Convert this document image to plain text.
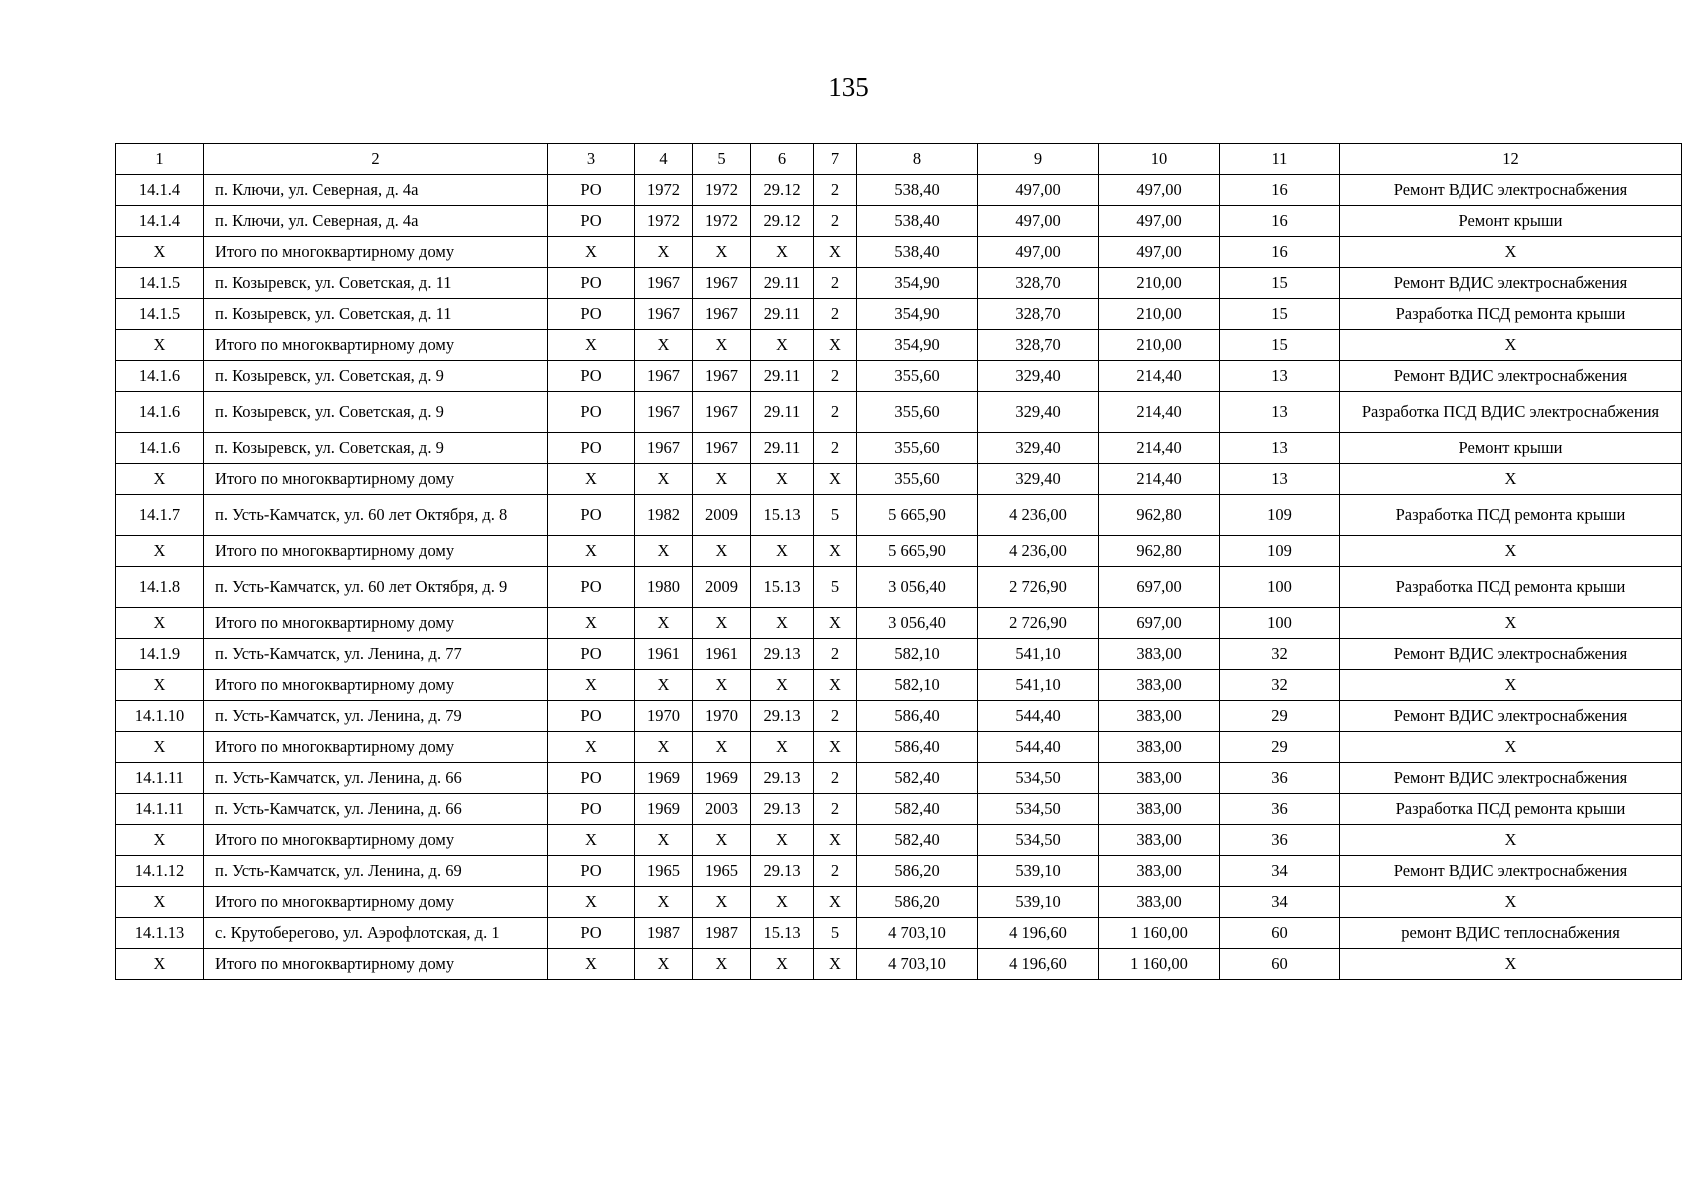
135
1	2	3	4	5	6	7	8	9	10	11	12
14.1.4	п. Ключи, ул. Северная, д. 4а	РО	1972	1972	29.12	2	538,40	497,00	497,00	16	Ремонт ВДИС электроснабжения
14.1.4	п. Ключи, ул. Северная, д. 4а	РО	1972	1972	29.12	2	538,40	497,00	497,00	16	Ремонт крыши
Х	Итого по многоквартирному дому	Х	Х	Х	Х	Х	538,40	497,00	497,00	16	Х
14.1.5	п. Козыревск, ул. Советская, д. 11	РО	1967	1967	29.11	2	354,90	328,70	210,00	15	Ремонт ВДИС электроснабжения
14.1.5	п. Козыревск, ул. Советская, д. 11	РО	1967	1967	29.11	2	354,90	328,70	210,00	15	Разработка ПСД ремонта крыши
Х	Итого по многоквартирному дому	Х	Х	Х	Х	Х	354,90	328,70	210,00	15	Х
14.1.6	п. Козыревск, ул. Советская, д. 9	РО	1967	1967	29.11	2	355,60	329,40	214,40	13	Ремонт ВДИС электроснабжения
14.1.6	п. Козыревск, ул. Советская, д. 9	РО	1967	1967	29.11	2	355,60	329,40	214,40	13	Разработка ПСД ВДИС электроснабжения
14.1.6	п. Козыревск, ул. Советская, д. 9	РО	1967	1967	29.11	2	355,60	329,40	214,40	13	Ремонт крыши
Х	Итого по многоквартирному дому	Х	Х	Х	Х	Х	355,60	329,40	214,40	13	Х
14.1.7	п. Усть-Камчатск, ул. 60 лет Октября, д. 8	РО	1982	2009	15.13	5	5 665,90	4 236,00	962,80	109	Разработка ПСД ремонта крыши
Х	Итого по многоквартирному дому	Х	Х	Х	Х	Х	5 665,90	4 236,00	962,80	109	Х
14.1.8	п. Усть-Камчатск, ул. 60 лет Октября, д. 9	РО	1980	2009	15.13	5	3 056,40	2 726,90	697,00	100	Разработка ПСД ремонта крыши
Х	Итого по многоквартирному дому	Х	Х	Х	Х	Х	3 056,40	2 726,90	697,00	100	Х
14.1.9	п. Усть-Камчатск, ул. Ленина, д. 77	РО	1961	1961	29.13	2	582,10	541,10	383,00	32	Ремонт ВДИС электроснабжения
Х	Итого по многоквартирному дому	Х	Х	Х	Х	Х	582,10	541,10	383,00	32	Х
14.1.10	п. Усть-Камчатск, ул. Ленина, д. 79	РО	1970	1970	29.13	2	586,40	544,40	383,00	29	Ремонт ВДИС электроснабжения
Х	Итого по многоквартирному дому	Х	Х	Х	Х	Х	586,40	544,40	383,00	29	Х
14.1.11	п. Усть-Камчатск, ул. Ленина, д. 66	РО	1969	1969	29.13	2	582,40	534,50	383,00	36	Ремонт ВДИС электроснабжения
14.1.11	п. Усть-Камчатск, ул. Ленина, д. 66	РО	1969	2003	29.13	2	582,40	534,50	383,00	36	Разработка ПСД ремонта крыши
Х	Итого по многоквартирному дому	Х	Х	Х	Х	Х	582,40	534,50	383,00	36	Х
14.1.12	п. Усть-Камчатск, ул. Ленина, д. 69	РО	1965	1965	29.13	2	586,20	539,10	383,00	34	Ремонт ВДИС электроснабжения
Х	Итого по многоквартирному дому	Х	Х	Х	Х	Х	586,20	539,10	383,00	34	Х
14.1.13	с. Крутоберегово, ул. Аэрофлотская, д. 1	РО	1987	1987	15.13	5	4 703,10	4 196,60	1 160,00	60	ремонт ВДИС теплоснабжения
Х	Итого по многоквартирному дому	Х	Х	Х	Х	Х	4 703,10	4 196,60	1 160,00	60	Х
